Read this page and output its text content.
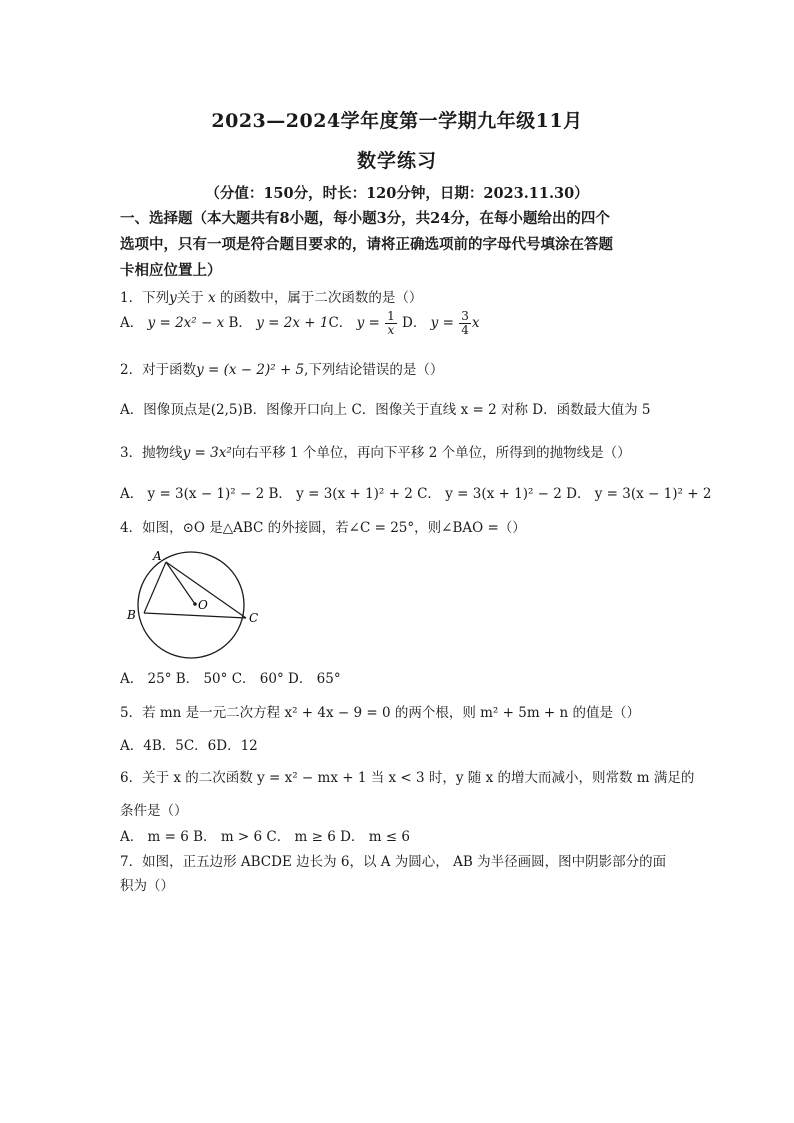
2023—2024学年度第一学期九年级11月
数学练习
（分值：150分，时长：120分钟，日期：2023.11.30）
一、选择题（本大题共有8小题，每小题3分，共24分，在每小题给出的四个
选项中，只有一项是符合题目要求的，请将正确选项前的字母代号填涂在答题
卡相应位置上）
1．下列y关于 x 的函数中，属于二次函数的是（）
A． y = 2x² − x B． y = 2x + 1C． $y = \frac{1}{x}$ D． $y = \frac{3}{4}$ x
2．对于函数y = (x − 2)² + 5,下列结论错误的是（）
A．图像顶点是(2,5)B．图像开口向上 C．图像关于直线 x = 2 对称 D．函数最大值为 5
3．抛物线y = 3x²向右平移 1 个单位，再向下平移 2 个单位，所得到的抛物线是（）
A． y = 3(x − 1)² − 2 B． y = 3(x + 1)² + 2 C． y = 3(x + 1)² − 2 D． y = 3(x − 1)² + 2
4．如图，⊙O 是△ABC 的外接圆，若∠C = 25°，则∠BAO =（）
A
B	C
O
A． 25° B． 50° C． 60° D． 65°
5．若 mn 是一元二次方程 x² + 4x − 9 = 0 的两个根，则 m² + 5m + n 的值是（）
A．4B．5C．6D．12
6．关于 x 的二次函数 y = x² − mx + 1 当 x < 3 时，y 随 x 的增大而减小，则常数 m 满足的
条件是（）
A． m = 6 B． m > 6 C． m ≥ 6 D． m ≤ 6
7．如图，正五边形 ABCDE 边长为 6，以 A 为圆心， AB 为半径画圆，图中阴影部分的面
积为（）
